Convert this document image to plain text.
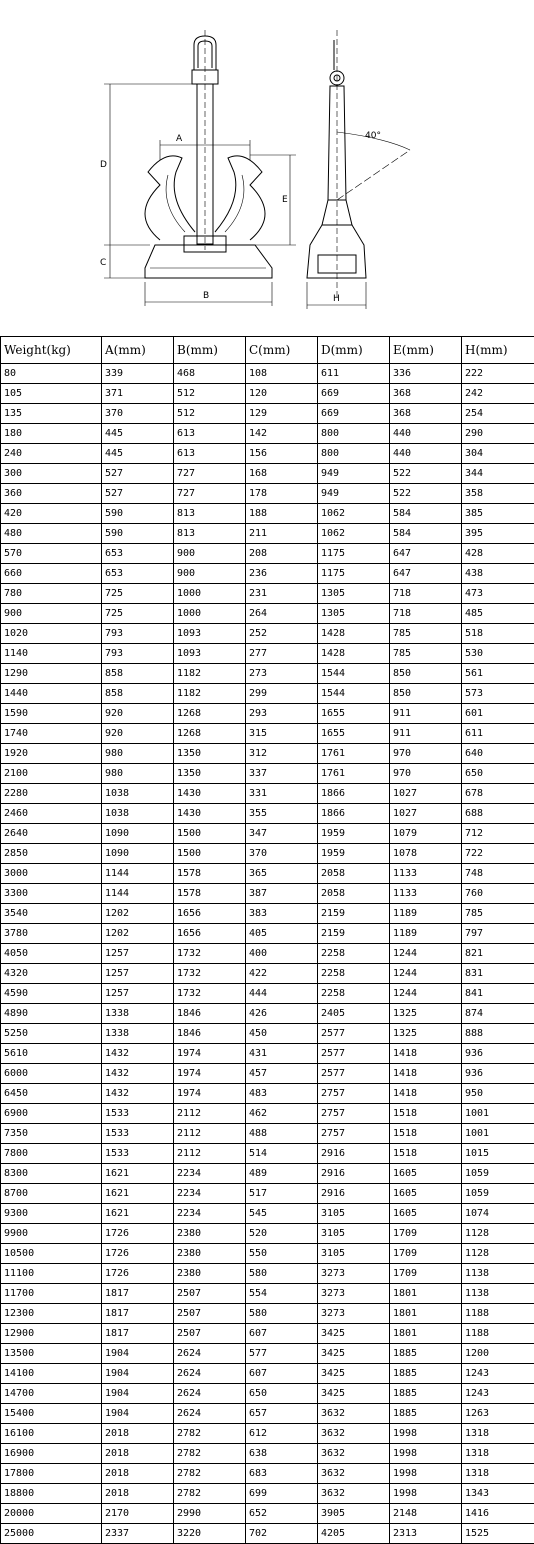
A
D
C
E
B	H
40°
Weight(kg)	A(mm)	B(mm)	C(mm)	D(mm)	E(mm)	H(mm)
80	339	468	108	611	336	222
105	371	512	120	669	368	242
135	370	512	129	669	368	254
180	445	613	142	800	440	290
240	445	613	156	800	440	304
300	527	727	168	949	522	344
360	527	727	178	949	522	358
420	590	813	188	1062	584	385
480	590	813	211	1062	584	395
570	653	900	208	1175	647	428
660	653	900	236	1175	647	438
780	725	1000	231	1305	718	473
900	725	1000	264	1305	718	485
1020	793	1093	252	1428	785	518
1140	793	1093	277	1428	785	530
1290	858	1182	273	1544	850	561
1440	858	1182	299	1544	850	573
1590	920	1268	293	1655	911	601
1740	920	1268	315	1655	911	611
1920	980	1350	312	1761	970	640
2100	980	1350	337	1761	970	650
2280	1038	1430	331	1866	1027	678
2460	1038	1430	355	1866	1027	688
2640	1090	1500	347	1959	1079	712
2850	1090	1500	370	1959	1078	722
3000	1144	1578	365	2058	1133	748
3300	1144	1578	387	2058	1133	760
3540	1202	1656	383	2159	1189	785
3780	1202	1656	405	2159	1189	797
4050	1257	1732	400	2258	1244	821
4320	1257	1732	422	2258	1244	831
4590	1257	1732	444	2258	1244	841
4890	1338	1846	426	2405	1325	874
5250	1338	1846	450	2577	1325	888
5610	1432	1974	431	2577	1418	936
6000	1432	1974	457	2577	1418	936
6450	1432	1974	483	2757	1418	950
6900	1533	2112	462	2757	1518	1001
7350	1533	2112	488	2757	1518	1001
7800	1533	2112	514	2916	1518	1015
8300	1621	2234	489	2916	1605	1059
8700	1621	2234	517	2916	1605	1059
9300	1621	2234	545	3105	1605	1074
9900	1726	2380	520	3105	1709	1128
10500	1726	2380	550	3105	1709	1128
11100	1726	2380	580	3273	1709	1138
11700	1817	2507	554	3273	1801	1138
12300	1817	2507	580	3273	1801	1188
12900	1817	2507	607	3425	1801	1188
13500	1904	2624	577	3425	1885	1200
14100	1904	2624	607	3425	1885	1243
14700	1904	2624	650	3425	1885	1243
15400	1904	2624	657	3632	1885	1263
16100	2018	2782	612	3632	1998	1318
16900	2018	2782	638	3632	1998	1318
17800	2018	2782	683	3632	1998	1318
18800	2018	2782	699	3632	1998	1343
20000	2170	2990	652	3905	2148	1416
25000	2337	3220	702	4205	2313	1525
